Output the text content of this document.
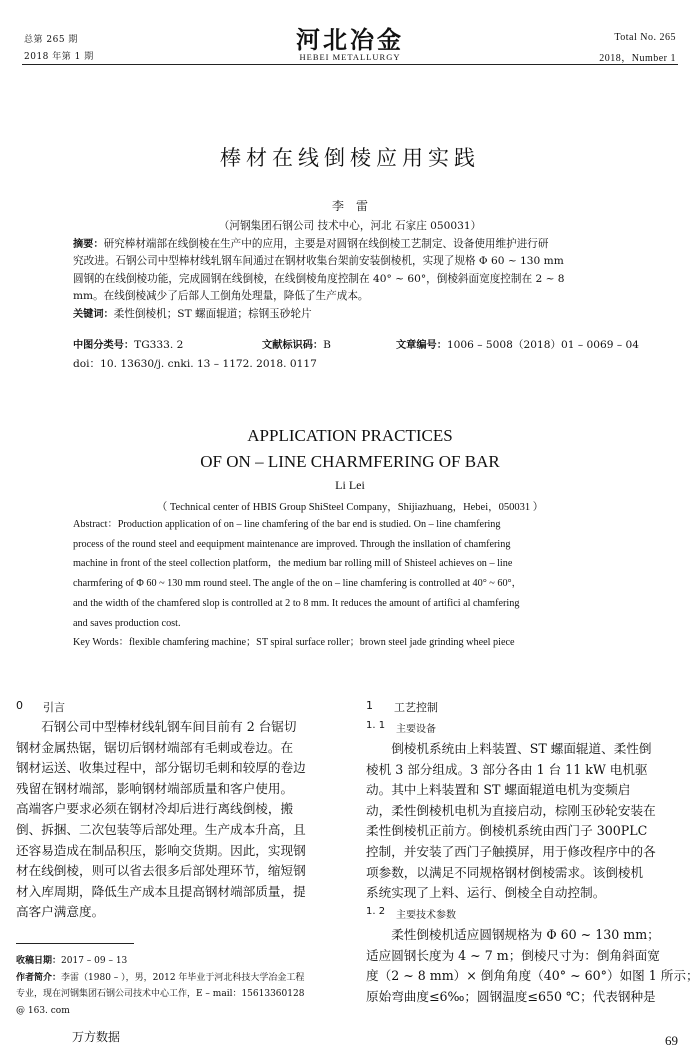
总第 265 期
2018 年第 1 期
河北冶金
HEBEI METALLURGY
Total No. 265
2018，Number 1
棒材在线倒棱应用实践
李　雷
（河钢集团石钢公司 技术中心，河北 石家庄 050031）
摘要：研究棒材端部在线倒棱在生产中的应用，主要是对圆钢在线倒棱工艺制定、设备使用维护进行研
究改进。石钢公司中型棒材线轧钢车间通过在钢材收集台架前安装倒棱机，实现了规格 Φ 60 ~ 130 mm
圆钢的在线倒棱功能，完成圆钢在线倒棱，在线倒棱角度控制在 40° ~ 60°，倒棱斜面宽度控制在 2 ~ 8
mm。在线倒棱减少了后部人工倒角处理量，降低了生产成本。
关键词：柔性倒棱机；ST 螺面辊道；棕钢玉砂轮片
中图分类号：TG333. 2	文献标识码：B	文章编号：1006 – 5008（2018）01 – 0069 – 04
doi：10. 13630/j. cnki. 13 – 1172. 2018. 0117
APPLICATION PRACTICES
OF ON – LINE CHARMFERING OF BAR
Li Lei
（ Technical center of HBIS Group ShiSteel Company，Shijiazhuang，Hebei，050031 ）
Abstract：Production application of on – line chamfering of the bar end is studied. On – line chamfering
process of the round steel and eequipment maintenance are improved. Through the insllation of chamfering
machine in front of the steel collection platform，the medium bar rolling mill of Shisteel achieves on – line
charmfering of Φ 60 ~ 130 mm round steel. The angle of the on – line chamfering is controlled at 40° ~ 60°，
and the width of the chamfered slop is controlled at 2 to 8 mm. It reduces the amount of artifici al chamfering
and saves production cost.
Key Words：flexible chamfering machine；ST spiral surface roller；brown steel jade grinding wheel piece
0 引言
　　石钢公司中型棒材线轧钢车间目前有 2 台锯切
钢材金属热锯，锯切后钢材端部有毛刺或卷边。在
钢材运送、收集过程中，部分锯切毛刺和较厚的卷边
残留在钢材端部，影响钢材端部质量和客户使用。
高端客户要求必须在钢材冷却后进行离线倒棱，搬
倒、拆捆、二次包装等后部处理。生产成本升高，且
还容易造成在制品积压，影响交货期。因此，实现钢
材在线倒棱，则可以省去很多后部处理环节，缩短钢
材入库周期，降低生产成本且提高钢材端部质量，提
高客户满意度。
收稿日期：2017 – 09 – 13
作者简介：李雷（1980 – ），男，2012 年毕业于河北科技大学冶金工程
专业，现在河钢集团石钢公司技术中心工作，E – mail：15613360128
@ 163. com
万方数据
1 工艺控制
1. 1 主要设备
　　倒棱机系统由上料装置、ST 螺面辊道、柔性倒
棱机 3 部分组成。3 部分各由 1 台 11 kW 电机驱
动。其中上料装置和 ST 螺面辊道电机为变频启
动，柔性倒棱机电机为直接启动，棕刚玉砂轮安装在
柔性倒棱机正前方。倒棱机系统由西门子 300PLC
控制，并安装了西门子触摸屏，用于修改程序中的各
项参数，以满足不同规格钢材倒棱需求。该倒棱机
系统实现了上料、运行、倒棱全自动控制。
1. 2 主要技术参数
　　柔性倒棱机适应圆钢规格为 Φ 60 ~ 130 mm；
适应圆钢长度为 4 ~ 7 m；倒棱尺寸为：倒角斜面宽
度（2 ~ 8 mm）× 倒角角度（40° ~ 60°）如图 1 所示；
原始弯曲度≤6‰；圆钢温度≤650 ℃；代表钢种是
69
